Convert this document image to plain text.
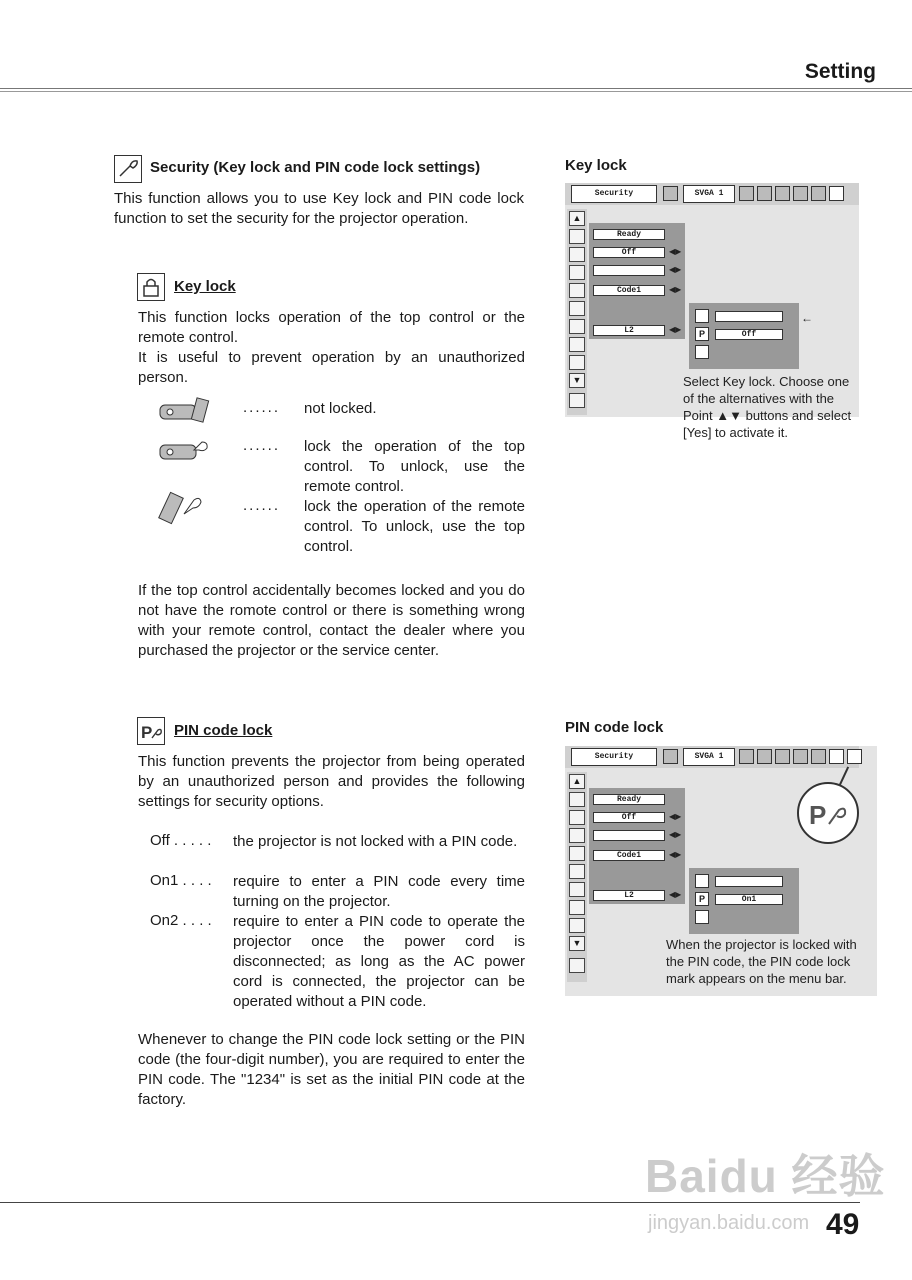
Setting
Security (Key lock and PIN code lock settings)
This function allows you to use Key lock and PIN code lock function to set the security for the projector operation.
Key lock
This function locks operation of the top control or the remote control.
It is useful to prevent operation by an unauthorized person.
...... not locked.
...... lock the operation of the top control. To unlock, use the remote control.
...... lock the operation of the remote control. To unlock, use the top control.
If the top control accidentally becomes locked and you do not have the romote control or there is something wrong with your remote control, contact the dealer where you purchased the projector or the service center.
P PIN code lock
This function prevents the projector from being operated by an unauthorized person and provides the following settings for security options.
Off . . . . . the projector is not locked with a PIN code.
On1 . . . . require to enter a PIN code every time turning on the projector.
On2 . . . . require to enter a PIN code to operate the projector once the power cord is disconnected; as long as the AC power cord is connected, the projector can be operated without a PIN code.
Whenever to change the PIN code lock setting or the PIN code (the four-digit number), you are required to enter the PIN code. The "1234" is set as the initial PIN code at the factory.
Key lock
Security	SVGA 1
▲
▼
Ready
Off	◀▶
◀▶
Code1	◀▶
L2	◀▶	P	Off
←
Select Key lock. Choose one of the alternatives with the Point ▲▼ buttons and select [Yes] to activate it.
PIN code lock
Security	SVGA 1
▲
▼
Ready
Off	◀▶
◀▶
Code1	◀▶
L2	◀▶	P	On1
P
When the projector is locked with the PIN code, the PIN code lock mark appears on the menu bar.
Baidu 经验
jingyan.baidu.com 49
